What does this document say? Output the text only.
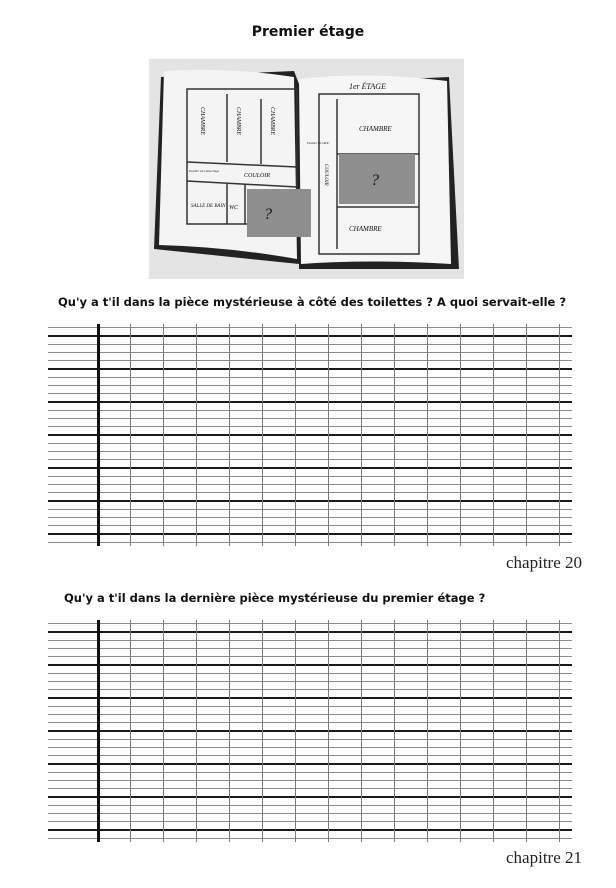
Premier étage
?
?
1er ÉTAGE
CHAMBRE
CHAMBRE
COULOIR
WC
SALLE DE BAIN
CHAMBRE	CHAMBRE	CHAMBRE
COULOIR
Escalier vers 2ème étage
Escalier vers RDC
Qu'y a t'il dans la pièce mystérieuse à côté des toilettes ? A quoi servait-elle ?
chapitre 20
Qu'y a t'il dans la dernière pièce mystérieuse du premier étage ?
chapitre 21
